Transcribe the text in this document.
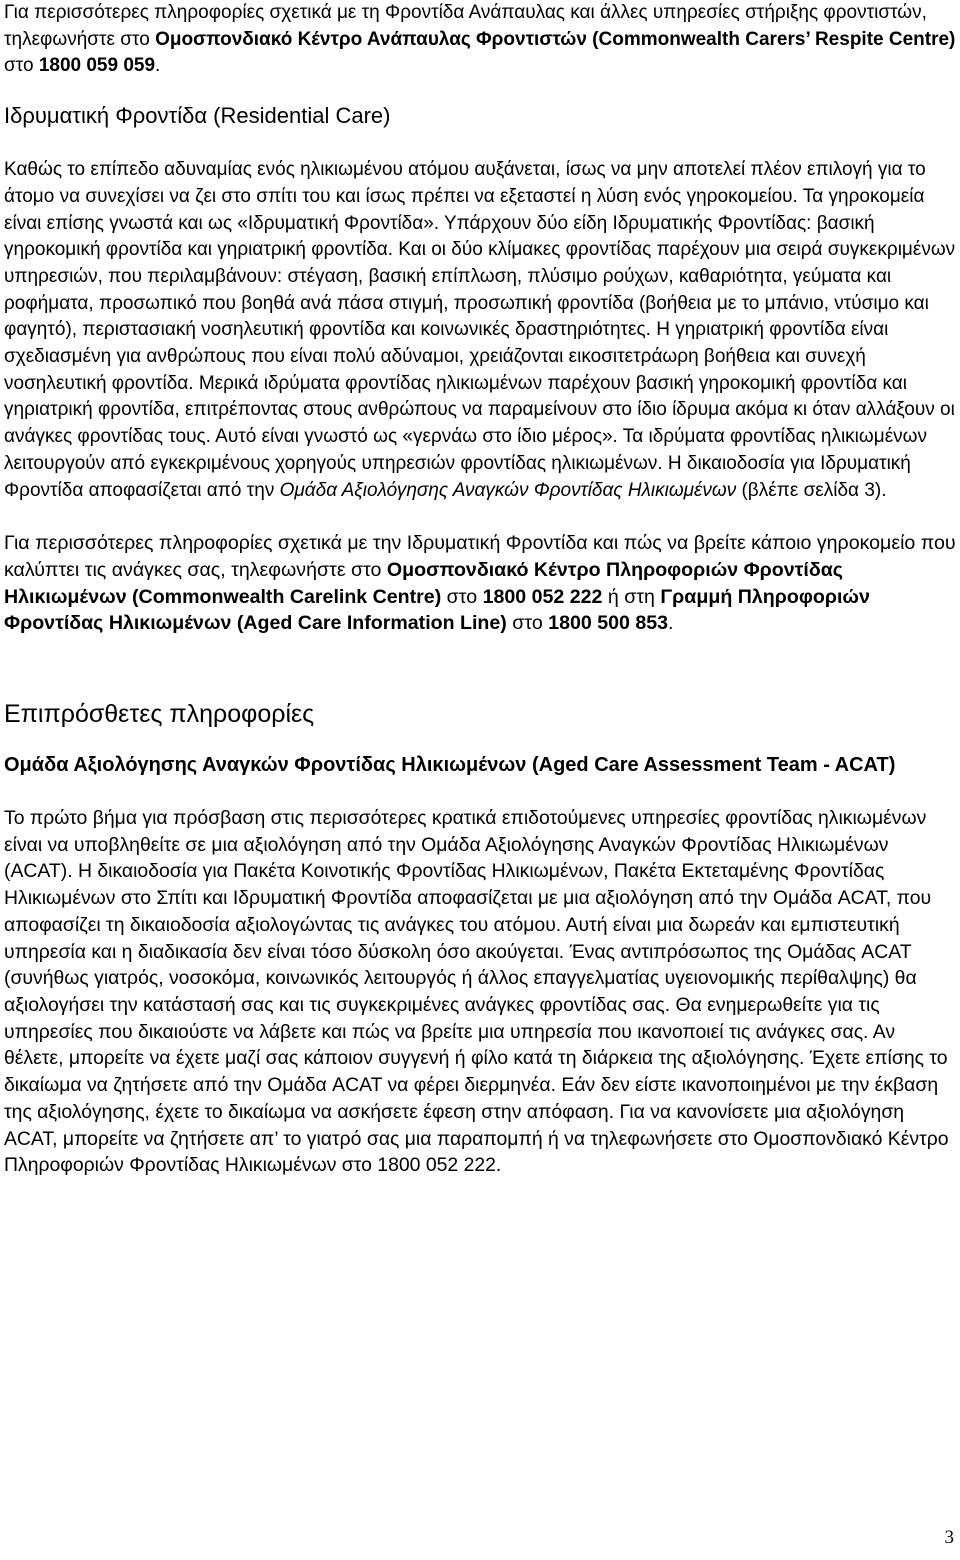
Για περισσότερες πληροφορίες σχετικά με τη Φροντίδα Ανάπαυλας και άλλες υπηρεσίες στήριξης φροντιστών, τηλεφωνήστε στο Ομοσπονδιακό Κέντρο Ανάπαυλας Φροντιστών (Commonwealth Carers’ Respite Centre) στο 1800 059 059.

Ιδρυματική Φροντίδα (Residential Care)

Καθώς το επίπεδο αδυναμίας ενός ηλικιωμένου ατόμου αυξάνεται, ίσως να μην αποτελεί πλέον επιλογή για το άτομο να συνεχίσει να ζει στο σπίτι του και ίσως πρέπει να εξεταστεί η λύση ενός γηροκομείου. Τα γηροκομεία είναι επίσης γνωστά και ως «Ιδρυματική Φροντίδα». Υπάρχουν δύο είδη Ιδρυματικής Φροντίδας: βασική γηροκομική φροντίδα και γηριατρική φροντίδα. Και οι δύο κλίμακες φροντίδας παρέχουν μια σειρά συγκεκριμένων υπηρεσιών, που περιλαμβάνουν: στέγαση, βασική επίπλωση, πλύσιμο ρούχων, καθαριότητα, γεύματα και ροφήματα, προσωπικό που βοηθά ανά πάσα στιγμή, προσωπική φροντίδα (βοήθεια με το μπάνιο, ντύσιμο και φαγητό), περιστασιακή νοσηλευτική φροντίδα και κοινωνικές δραστηριότητες. Η γηριατρική φροντίδα είναι σχεδιασμένη για ανθρώπους που είναι πολύ αδύναμοι, χρειάζονται εικοσιτετράωρη βοήθεια και συνεχή νοσηλευτική φροντίδα. Μερικά ιδρύματα φροντίδας ηλικιωμένων παρέχουν βασική γηροκομική φροντίδα και γηριατρική φροντίδα, επιτρέποντας στους ανθρώπους να παραμείνουν στο ίδιο ίδρυμα ακόμα κι όταν αλλάξουν οι ανάγκες φροντίδας τους. Αυτό είναι γνωστό ως «γερνάω στο ίδιο μέρος». Τα ιδρύματα φροντίδας ηλικιωμένων λειτουργούν από εγκεκριμένους χορηγούς υπηρεσιών φροντίδας ηλικιωμένων. Η δικαιοδοσία για Ιδρυματική Φροντίδα αποφασίζεται από την Ομάδα Αξιολόγησης Αναγκών Φροντίδας Ηλικιωμένων (βλέπε σελίδα 3).

Για περισσότερες πληροφορίες σχετικά με την Ιδρυματική Φροντίδα και πώς να βρείτε κάποιο γηροκομείο που καλύπτει τις ανάγκες σας, τηλεφωνήστε στο Ομοσπονδιακό Κέντρο Πληροφοριών Φροντίδας Ηλικιωμένων (Commonwealth Carelink Centre) στο 1800 052 222 ή στη Γραμμή Πληροφοριών Φροντίδας Ηλικιωμένων (Aged Care Information Line) στο 1800 500 853.

Επιπρόσθετες πληροφορίες
Ομάδα Αξιολόγησης Αναγκών Φροντίδας Ηλικιωμένων (Aged Care Assessment Team - ACAT)

Το πρώτο βήμα για πρόσβαση στις περισσότερες κρατικά επιδοτούμενες υπηρεσίες φροντίδας ηλικιωμένων είναι να υποβληθείτε σε μια αξιολόγηση από την Ομάδα Αξιολόγησης Αναγκών Φροντίδας Ηλικιωμένων (ACAT). Η δικαιοδοσία για Πακέτα Κοινοτικής Φροντίδας Ηλικιωμένων, Πακέτα Εκτεταμένης Φροντίδας Ηλικιωμένων στο Σπίτι και Ιδρυματική Φροντίδα αποφασίζεται με μια αξιολόγηση από την Ομάδα ACAT, που αποφασίζει τη δικαιοδοσία αξιολογώντας τις ανάγκες του ατόμου. Αυτή είναι μια δωρεάν και εμπιστευτική υπηρεσία και η διαδικασία δεν είναι τόσο δύσκολη όσο ακούγεται. Ένας αντιπρόσωπος της Ομάδας ACAT (συνήθως γιατρός, νοσοκόμα, κοινωνικός λειτουργός ή άλλος επαγγελματίας υγειονομικής περίθαλψης) θα αξιολογήσει την κατάστασή σας και τις συγκεκριμένες ανάγκες φροντίδας σας. Θα ενημερωθείτε για τις υπηρεσίες που δικαιούστε να λάβετε και πώς να βρείτε μια υπηρεσία που ικανοποιεί τις ανάγκες σας. Αν θέλετε, μπορείτε να έχετε μαζί σας κάποιον συγγενή ή φίλο κατά τη διάρκεια της αξιολόγησης. Έχετε επίσης το δικαίωμα να ζητήσετε από την Ομάδα ACAT να φέρει διερμηνέα. Εάν δεν είστε ικανοποιημένοι με την έκβαση της αξιολόγησης, έχετε το δικαίωμα να ασκήσετε έφεση στην απόφαση. Για να κανονίσετε μια αξιολόγηση ACAT, μπορείτε να ζητήσετε απ’ το γιατρό σας μια παραπομπή ή να τηλεφωνήσετε στο Ομοσπονδιακό Κέντρο Πληροφοριών Φροντίδας Ηλικιωμένων στο 1800 052 222.

3
